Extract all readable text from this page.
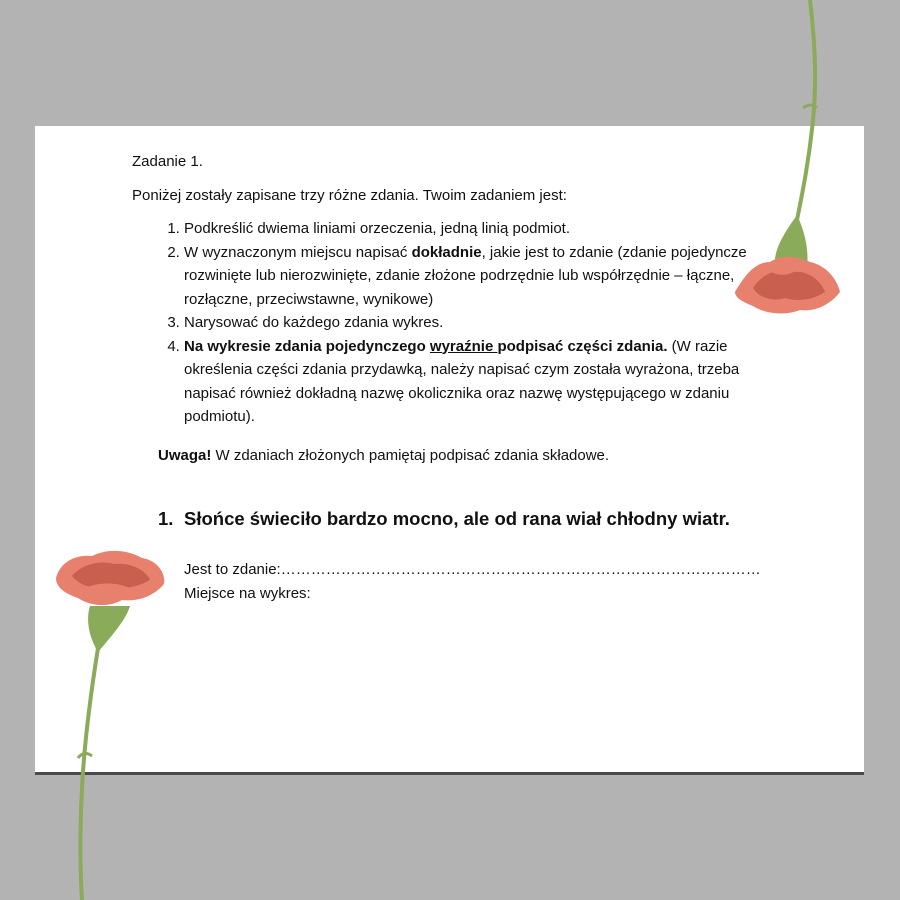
Zadanie 1.
Poniżej zostały zapisane trzy różne zdania. Twoim zadaniem jest:
1. Podkreślić dwiema liniami orzeczenia, jedną linią podmiot.
2. W wyznaczonym miejscu napisać dokładnie, jakie jest to zdanie (zdanie pojedyncze rozwinięte lub nierozwinięte, zdanie złożone podrzędnie lub współrzędnie – łączne, rozłączne, przeciwstawne, wynikowe)
3. Narysować do każdego zdania wykres.
4. Na wykresie zdania pojedynczego wyraźnie podpisać części zdania. (W razie określenia części zdania przydawką, należy napisać czym została wyrażona, trzeba napisać również dokładną nazwę okolicznika oraz nazwę występującego w zdaniu podmiotu).
Uwaga! W zdaniach złożonych pamiętaj podpisać zdania składowe.
1. Słońce świeciło bardzo mocno, ale od rana wiał chłodny wiatr.
Jest to zdanie:……………………………………………………………………………………
Miejsce na wykres:
